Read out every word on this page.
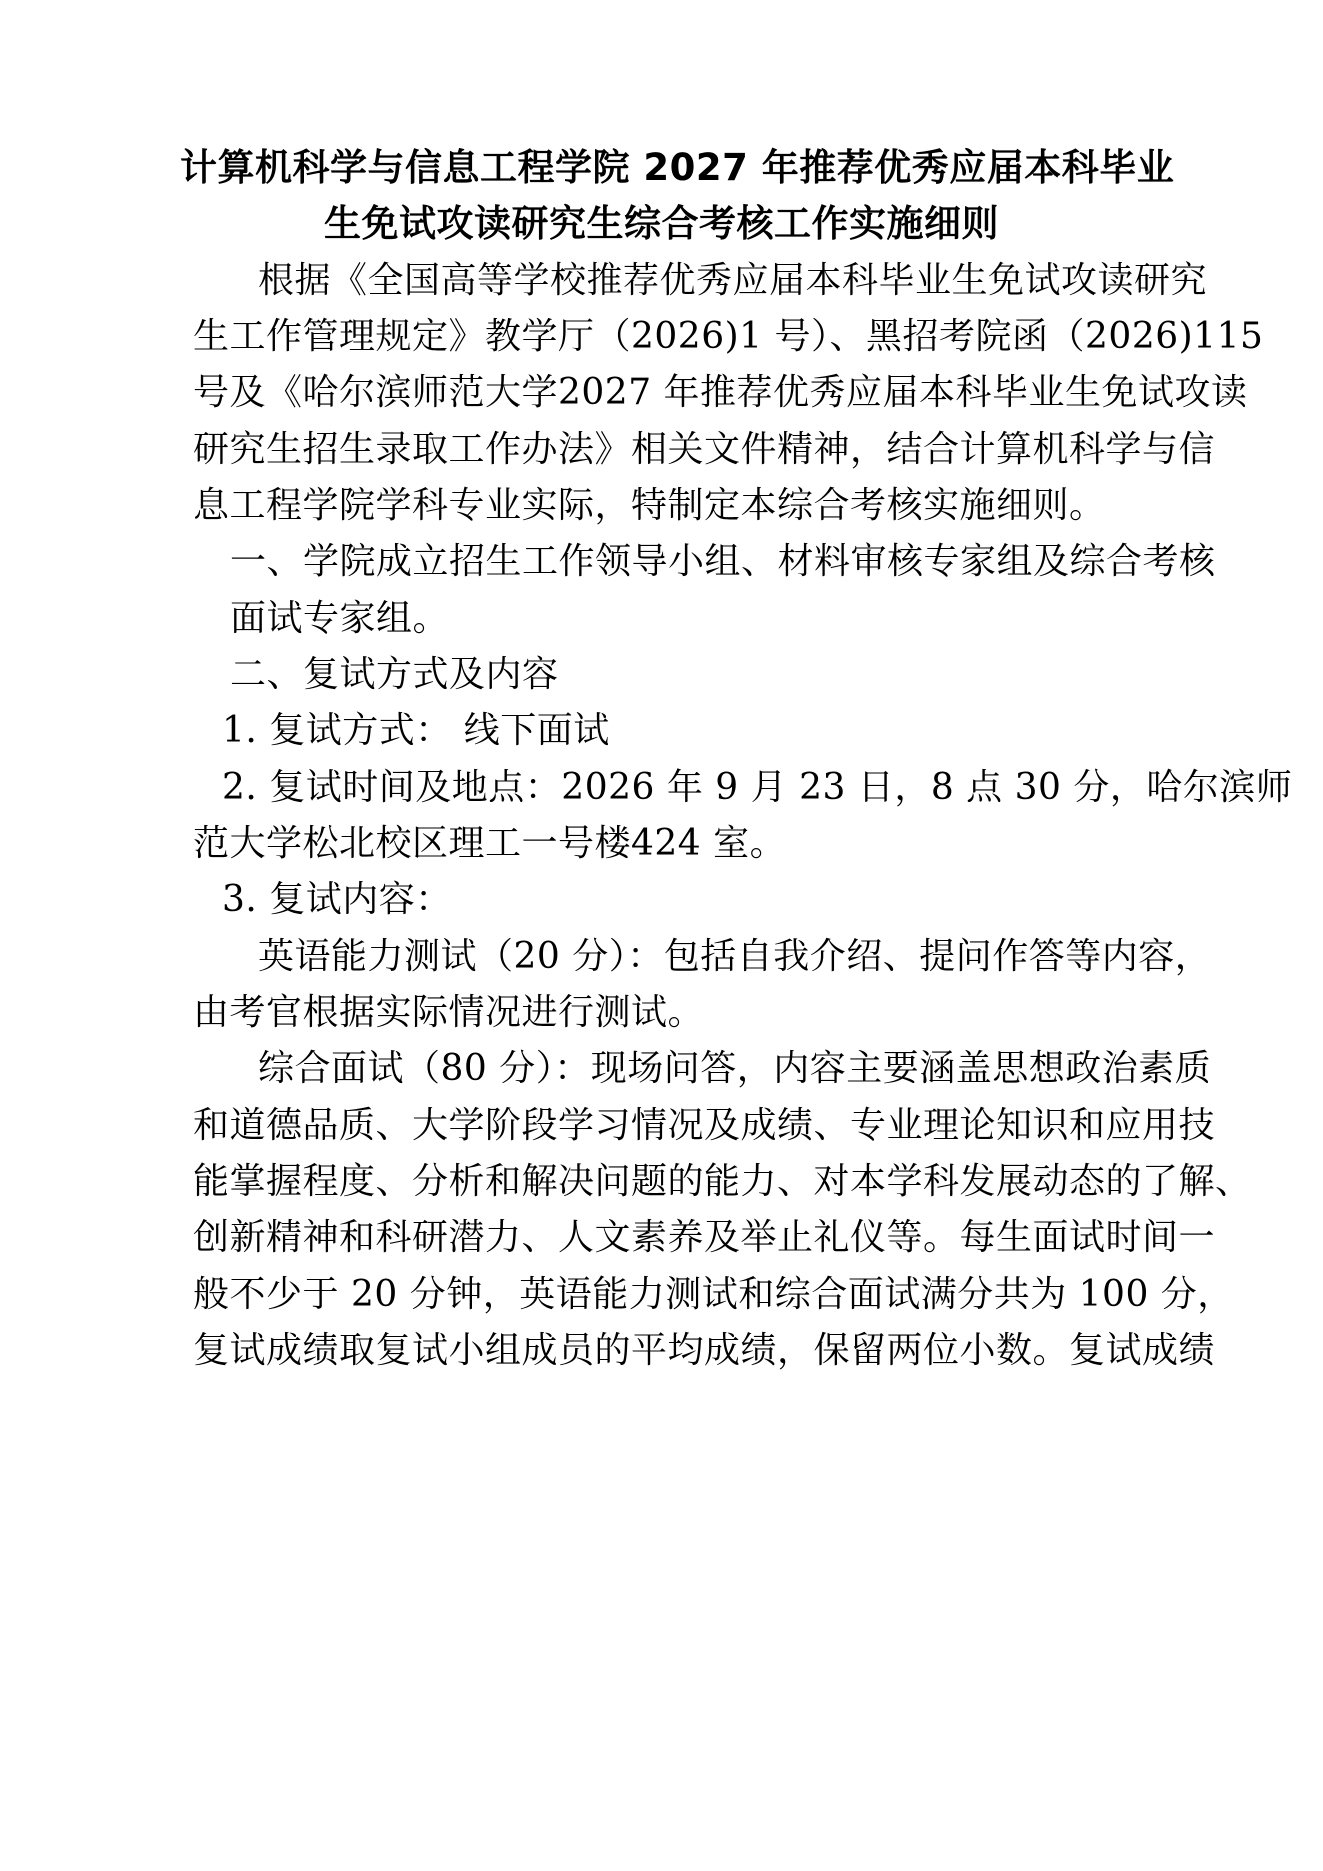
计算机科学与信息工程学院 2027 年推荐优秀应届本科毕业
生免试攻读研究生综合考核工作实施细则
根据《全国高等学校推荐优秀应届本科毕业生免试攻读研究
生工作管理规定》教学厅（2026)1 号）、黑招考院函（2026)115
号及《哈尔滨师范大学2027 年推荐优秀应届本科毕业生免试攻读
研究生招生录取工作办法》相关文件精神，结合计算机科学与信
息工程学院学科专业实际，特制定本综合考核实施细则。
一、学院成立招生工作领导小组、材料审核专家组及综合考核
面试专家组。
二、复试方式及内容
1. 复试方式： 线下面试
2. 复试时间及地点：2026 年 9 月 23 日，8 点 30 分，哈尔滨师
范大学松北校区理工一号楼424 室。
3. 复试内容：
英语能力测试（20 分）：包括自我介绍、提问作答等内容，
由考官根据实际情况进行测试。
综合面试（80 分）：现场问答，内容主要涵盖思想政治素质
和道德品质、大学阶段学习情况及成绩、专业理论知识和应用技
能掌握程度、分析和解决问题的能力、对本学科发展动态的了解、
创新精神和科研潜力、人文素养及举止礼仪等。每生面试时间一
般不少于 20 分钟，英语能力测试和综合面试满分共为 100 分，
复试成绩取复试小组成员的平均成绩，保留两位小数。复试成绩
